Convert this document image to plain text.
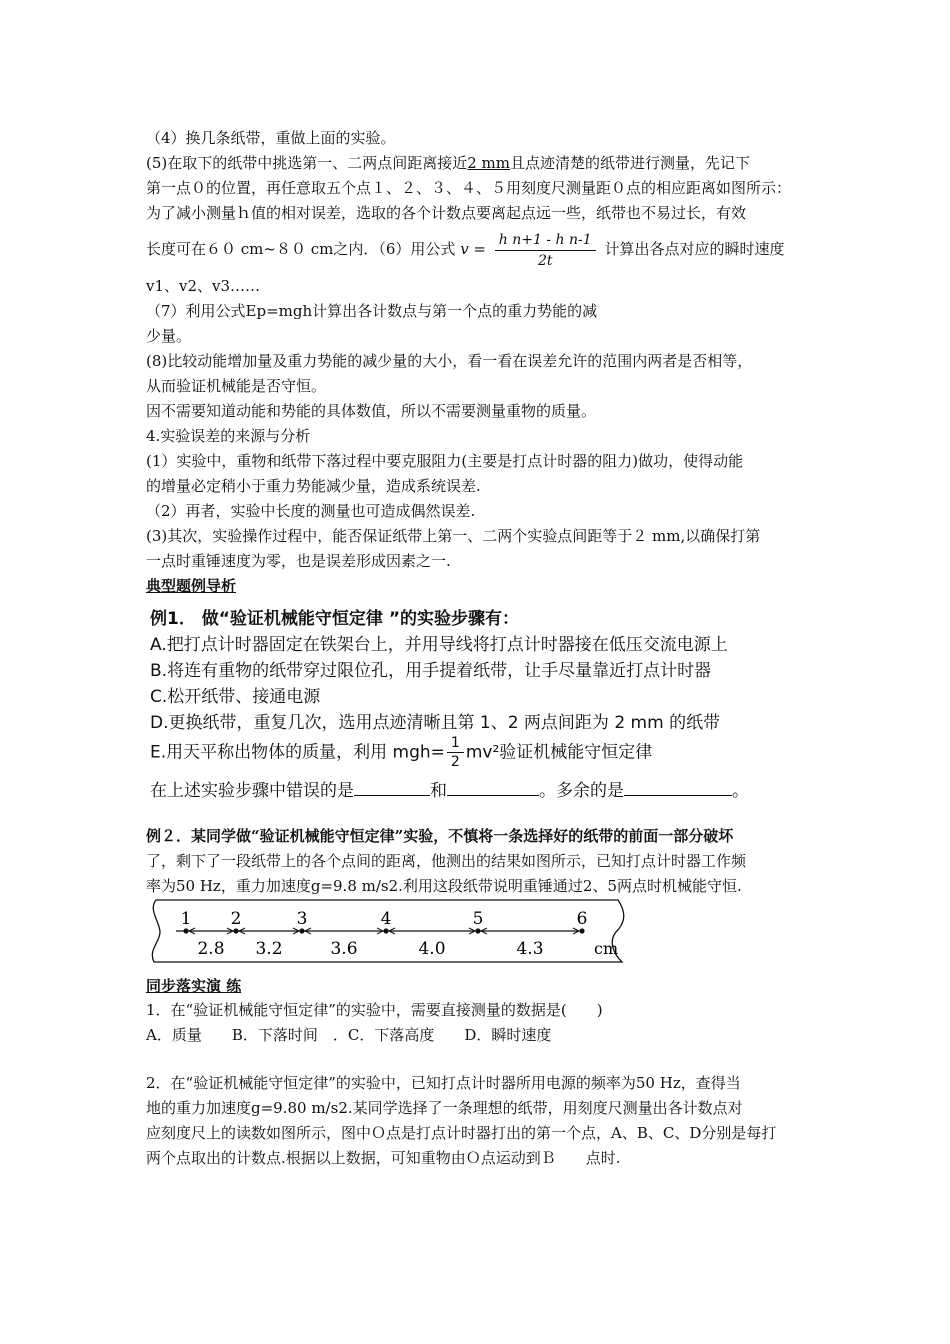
（4）换几条纸带，重做上面的实验。
(5)在取下的纸带中挑选第一、二两点间距离接近2 mm且点迹清楚的纸带进行测量，先记下
第一点０的位置，再任意取五个点１、２、３、４、５用刻度尺测量距０点的相应距离如图所示：
为了减小测量ｈ值的相对误差，选取的各个计数点要离起点远一些，纸带也不易过长，有效
长度可在６０ cm~８０ cm之内．（6）用公式 $v = \frac{\text{h n+1 - h n-1}}{2t}$ 计算出各点对应的瞬时速度
v1、v2、v3……
（7）利用公式Ep=mgh计算出各计数点与第一个点的重力势能的减
少量。
(8)比较动能增加量及重力势能的减少量的大小，看一看在误差允许的范围内两者是否相等，
从而验证机械能是否守恒。
因不需要知道动能和势能的具体数值，所以不需要测量重物的质量。
4.实验误差的来源与分析
(1）实验中，重物和纸带下落过程中要克服阻力(主要是打点计时器的阻力)做功，使得动能
的增量必定稍小于重力势能减少量，造成系统误差.
（2）再者，实验中长度的测量也可造成偶然误差.
(3)其次，实验操作过程中，能否保证纸带上第一、二两个实验点间距等于２ mm,以确保打第
一点时重锤速度为零，也是误差形成因素之一.
典型题例导析
例1． 做“验证机械能守恒定律 ”的实验步骤有：
A.把打点计时器固定在铁架台上，并用导线将打点计时器接在低压交流电源上
B.将连有重物的纸带穿过限位孔，用手提着纸带，让手尽量靠近打点计时器
C.松开纸带、接通电源
D.更换纸带，重复几次，选用点迹清晰且第 1、2 两点间距为 2 mm 的纸带
E.用天平称出物体的质量，利用 $mgh= \frac{1}{2} mv^2$验证机械能守恒定律
在上述实验步骤中错误的是	和	。多余的是	。
例２．某同学做“验证机械能守恒定律”实验，不慎将一条选择好的纸带的前面一部分破坏
了，剩下了一段纸带上的各个点间的距离，他测出的结果如图所示，已知打点计时器工作频
率为50 Hz，重力加速度g=9.8 m/s2.利用这段纸带说明重锤通过2、5两点时机械能守恒.
1 2	3	4	5	6
2.8 3.2	3.6	4.0	4.3	cm
同步落实演 练
1．在“验证机械能守恒定律”的实验中，需要直接测量的数据是(　　)
A．质量　　B．下落时间　．C．下落高度　　D．瞬时速度
2．在“验证机械能守恒定律”的实验中，已知打点计时器所用电源的频率为50 Hz，查得当
地的重力加速度g=9.80 m/s2.某同学选择了一条理想的纸带，用刻度尺测量出各计数点对
应刻度尺上的读数如图所示，图中Ｏ点是打点计时器打出的第一个点，A、B、C、D分别是每打
两个点取出的计数点.根据以上数据，可知重物由Ｏ点运动到Ｂ　　点时.
